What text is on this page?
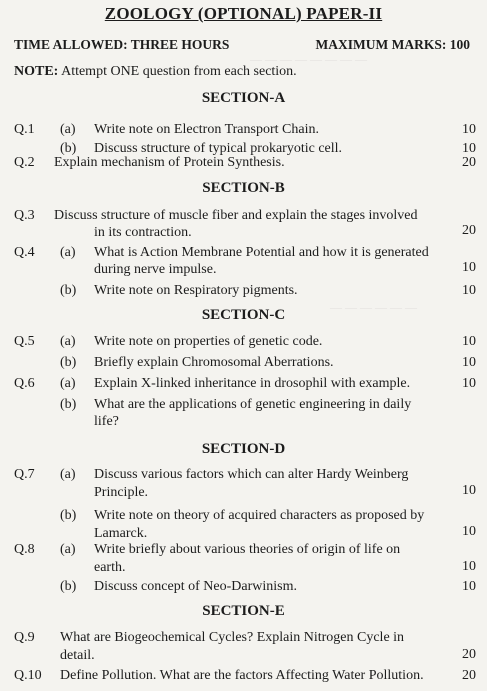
— — — — — — — —
— — — — — —
ZOOLOGY (OPTIONAL) PAPER-II
TIME ALLOWED: THREE HOURS	MAXIMUM MARKS: 100
NOTE: Attempt ONE question from each section.
SECTION-A
Q.1 (a) Write note on Electron Transport Chain.	10
(b) Discuss structure of typical prokaryotic cell.	10
Q.2 Explain mechanism of Protein Synthesis.	20
SECTION-B
Q.3 Discuss structure of muscle fiber and explain the stages involved
in its contraction.	20
Q.4 (a) What is Action Membrane Potential and how it is generated
during nerve impulse.	10
(b) Write note on Respiratory pigments.	10
SECTION-C
Q.5 (a) Write note on properties of genetic code.	10
(b) Briefly explain Chromosomal Aberrations.	10
Q.6 (a) Explain X-linked inheritance in drosophil with example.	10
(b) What are the applications of genetic engineering in daily
life?
SECTION-D
Q.7 (a) Discuss various factors which can alter Hardy Weinberg
Principle.	10
(b) Write note on theory of acquired characters as proposed by
Lamarck.	10
Q.8 (a) Write briefly about various theories of origin of life on
earth.	10
(b) Discuss concept of Neo-Darwinism.	10
SECTION-E
Q.9 What are Biogeochemical Cycles? Explain Nitrogen Cycle in
detail.	20
Q.10 Define Pollution. What are the factors Affecting Water Pollution.	20
